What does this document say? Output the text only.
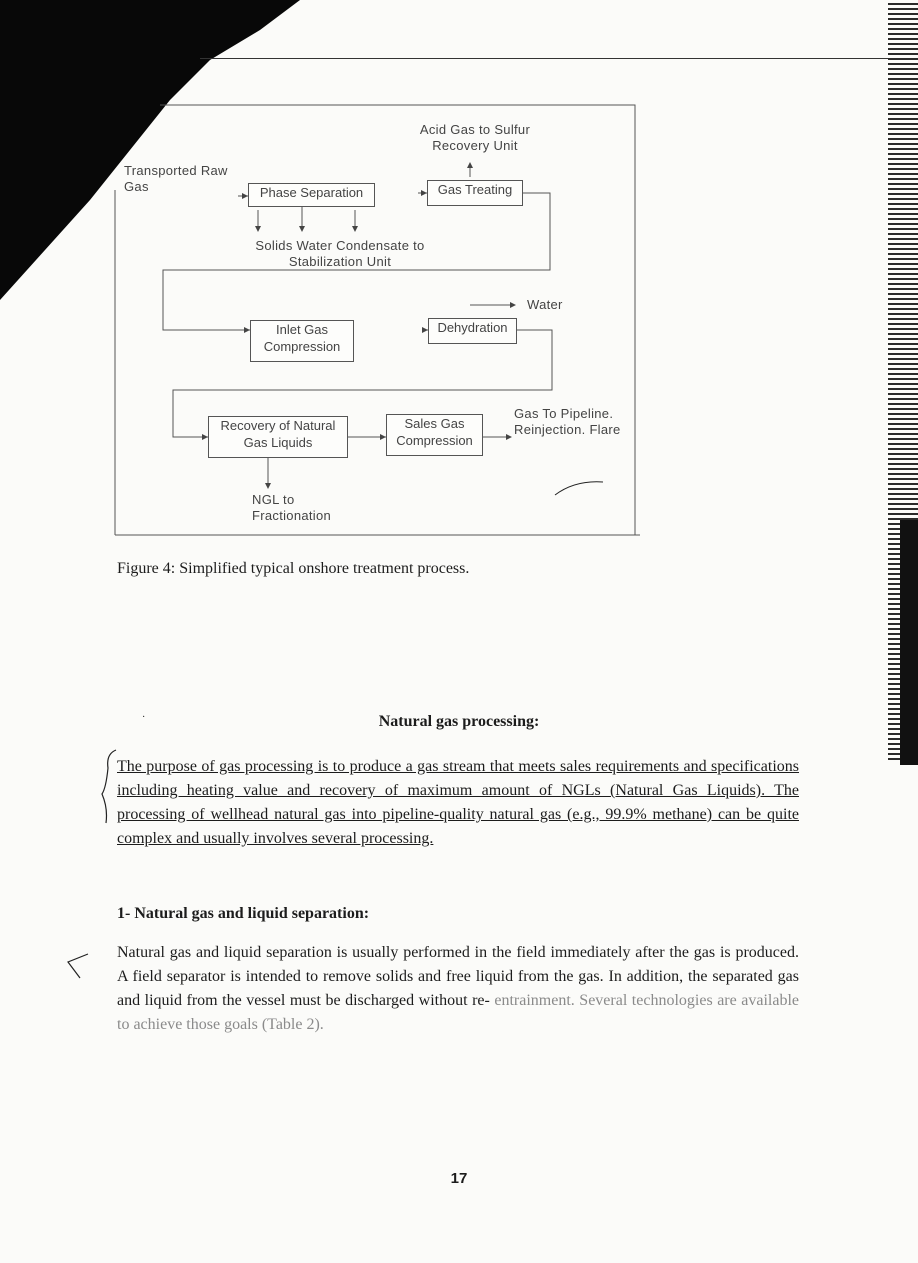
Transported Raw Gas
Acid Gas to Sulfur Recovery Unit
Phase Separation	Gas Treating
Solids Water Condensate to Stabilization Unit
Water
Inlet Gas Compression
Dehydration
Recovery of Natural Gas Liquids
Sales Gas Compression
Gas To Pipeline. Reinjection. Flare
NGL to Fractionation
Figure 4: Simplified typical onshore treatment process.
·	Natural gas processing:
The purpose of gas processing is to produce a gas stream that meets sales requirements and specifications including heating value and recovery of maximum amount of NGLs (Natural Gas Liquids). The processing of wellhead natural gas into pipeline-quality natural gas (e.g., 99.9% methane) can be quite complex and usually involves several processing.
1- Natural gas and liquid separation:
Natural gas and liquid separation is usually performed in the field immediately after the gas is produced. A field separator is intended to remove solids and free liquid from the gas. In addition, the separated gas and liquid from the vessel must be discharged without re- entrainment. Several technologies are available to achieve those goals (Table 2).
17
